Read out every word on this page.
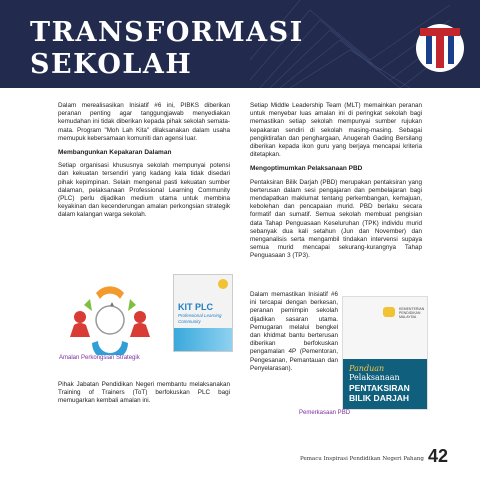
TRANSFORMASI
SEKOLAH

Dalam merealisasikan Inisiatif #6 ini, PIBKS diberikan peranan penting agar tanggungjawab menyediakan kemudahan ini tidak diberikan kepada pihak sekolah semata-mata. Program "Moh Lah Kita" dilaksanakan dalam usaha memupuk kebersamaan komuniti dan agensi luar.

Membangunkan Kepakaran Dalaman

Setiap organisasi khususnya sekolah mempunyai potensi dan kekuatan tersendiri yang kadang kala tidak disedari pihak kepimpinan. Selain mengenal pasti kekuatan sumber dalaman, pelaksanaan Professional Learning Community (PLC) perlu dijadikan medium utama untuk membina keyakinan dan kecenderungan amalan perkongsian strategik dalam kalangan warga sekolah.

KIT PLC
Professional Learning Community
Amalan Perkongsian Strategik

Pihak Jabatan Pendidikan Negeri membantu melaksanakan Training of Trainers (ToT) berfokuskan PLC bagi memugarkan kembali amalan ini.

Setiap Middle Leadership Team (MLT) memainkan peranan untuk menyebar luas amalan ini di peringkat sekolah bagi memastikan setiap sekolah mempunyai sumber rujukan kepakaran sendiri di sekolah masing-masing. Sebagai pengiktirafan dan penghargaan, Anugerah Gading Bersilang diberikan kepada ikon guru yang berjaya mencapai kriteria ditetapkan.

Mengoptimumkan Pelaksanaan PBD

Pentaksiran Bilik Darjah (PBD) merupakan pentaksiran yang berterusan dalam sesi pengajaran dan pembelajaran bagi mendapatkan maklumat tentang perkembangan, kemajuan, kebolehan dan pencapaian murid. PBD berlaku secara formatif dan sumatif. Semua sekolah membuat pengisian data Tahap Penguasaan Keseluruhan (TPK) individu murid sebanyak dua kali setahun (Jun dan November) dan menganalisis serta mengambil tindakan intervensi supaya semua murid mencapai sekurang-kurangnya Tahap Penguasaan 3 (TP3).

Dalam memastikan Inisiatif #6 ini tercapai dengan berkesan, peranan pemimpin sekolah dijadikan sasaran utama. Pemugaran melalui bengkel dan khidmat bantu berterusan diberikan berfokuskan pengamalan 4P (Pementoran, Pengesanan, Pemantauan dan Penyelarasan).

KEMENTERIAN PENDIDIKAN MALAYSIA
Panduan
Pelaksanaan
PENTAKSIRAN
BILIK DARJAH
Pemerkasaan PBD
Pemacu Inspirasi Pendidikan Negeri Pahang 42
